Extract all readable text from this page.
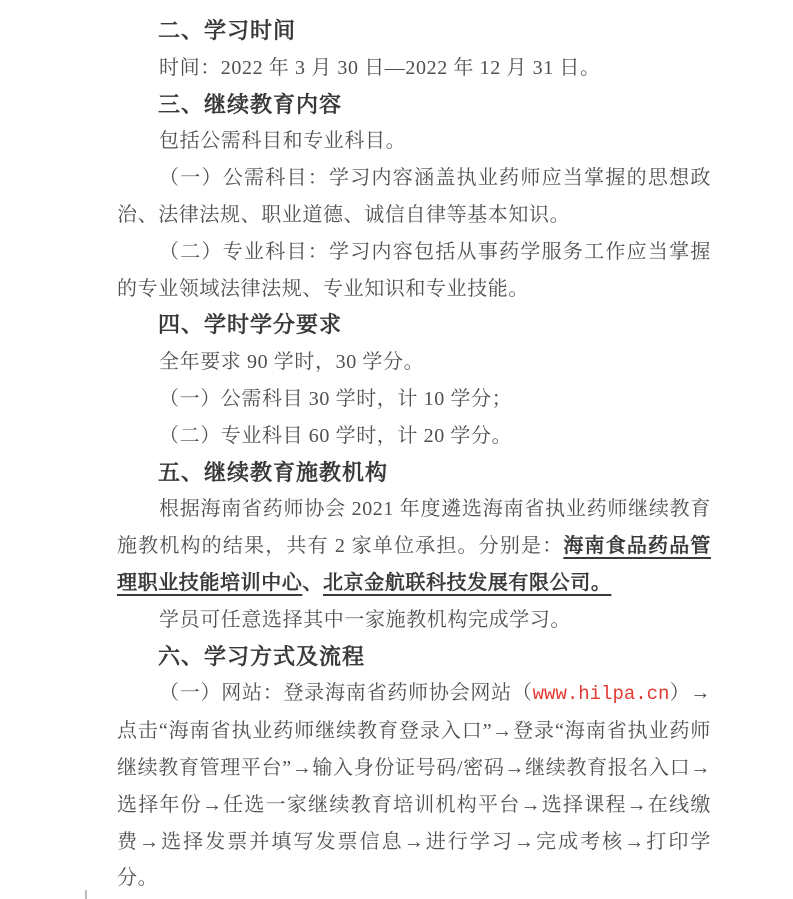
二、学习时间

时间：2022 年 3 月 30 日—2022 年 12 月 31 日。

三、继续教育内容

包括公需科目和专业科目。

（一）公需科目：学习内容涵盖执业药师应当掌握的思想政治、法律法规、职业道德、诚信自律等基本知识。

（二）专业科目：学习内容包括从事药学服务工作应当掌握的专业领域法律法规、专业知识和专业技能。

四、学时学分要求

全年要求 90 学时，30 学分。

（一）公需科目 30 学时，计 10 学分；

（二）专业科目 60 学时，计 20 学分。

五、继续教育施教机构

根据海南省药师协会 2021 年度遴选海南省执业药师继续教育施教机构的结果，共有 2 家单位承担。分别是：海南食品药品管理职业技能培训中心、北京金航联科技发展有限公司。

学员可任意选择其中一家施教机构完成学习。

六、学习方式及流程

（一）网站：登录海南省药师协会网站（www.hilpa.cn）→点击“海南省执业药师继续教育登录入口”→登录“海南省执业药师继续教育管理平台”→输入身份证号码/密码→继续教育报名入口→选择年份→任选一家继续教育培训机构平台→选择课程→在线缴费→选择发票并填写发票信息→进行学习→完成考核→打印学分。
